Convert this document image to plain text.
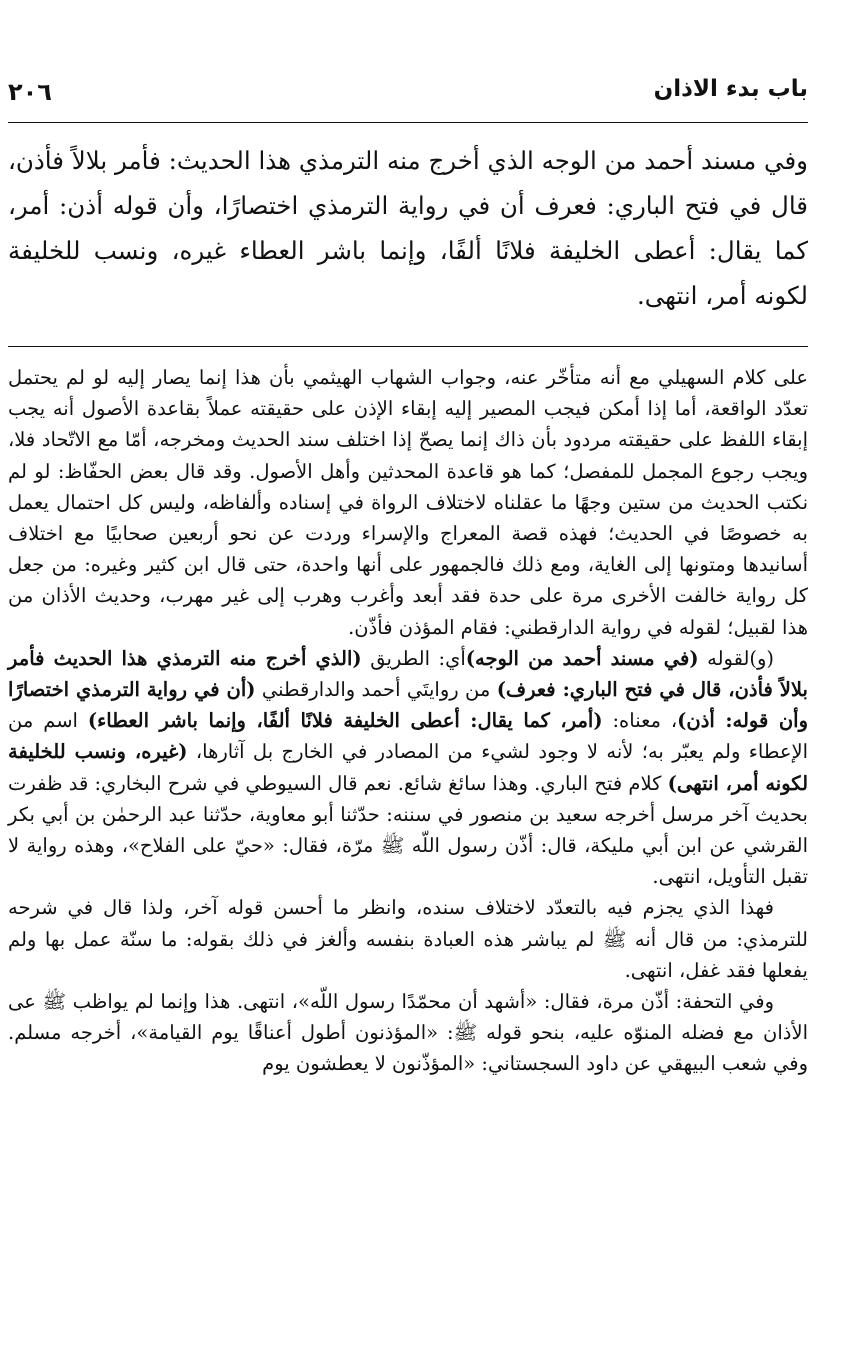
باب بدء الاذان
٢٠٦
وفي مسند أحمد من الوجه الذي أخرج منه الترمذي هذا الحديث: فأمر بلالاً فأذن، قال في فتح الباري: فعرف أن في رواية الترمذي اختصارًا، وأن قوله أذن: أمر، كما يقال: أعطى الخليفة فلانًا ألفًا، وإنما باشر العطاء غيره، ونسب للخليفة لكونه أمر، انتهى.

على كلام السهيلي مع أنه متأخّر عنه، وجواب الشهاب الهيثمي بأن هذا إنما يصار إليه لو لم يحتمل تعدّد الواقعة، أما إذا أمكن فيجب المصير إليه إبقاء الإذن على حقيقته عملاً بقاعدة الأصول أنه يجب إبقاء اللفظ على حقيقته مردود بأن ذاك إنما يصحّ إذا اختلف سند الحديث ومخرجه، أمّا مع الاتّحاد فلا، ويجب رجوع المجمل للمفصل؛ كما هو قاعدة المحدثين وأهل الأصول. وقد قال بعض الحفّاظ: لو لم نكتب الحديث من ستين وجهًا ما عقلناه لاختلاف الرواة في إسناده وألفاظه، وليس كل احتمال يعمل به خصوصًا في الحديث؛ فهذه قصة المعراج والإسراء وردت عن نحو أربعين صحابيًا مع اختلاف أسانيدها ومتونها إلى الغاية، ومع ذلك فالجمهور على أنها واحدة، حتى قال ابن كثير وغيره: من جعل كل رواية خالفت الأخرى مرة على حدة فقد أبعد وأغرب وهرب إلى غير مهرب، وحديث الأذان من هذا لقبيل؛ لقوله في رواية الدارقطني: فقام المؤذن فأذّن.

(و)لقوله (في مسند أحمد من الوجه)أي: الطريق (الذي أخرج منه الترمذي هذا الحديث فأمر بلالاً فأذن، قال في فتح الباري: فعرف) من روايتَي أحمد والدارقطني (أن في رواية الترمذي اختصارًا وأن قوله: أذن)، معناه: (أمر، كما يقال: أعطى الخليفة فلانًا ألفًا، وإنما باشر العطاء) اسم من الإعطاء ولم يعبّر به؛ لأنه لا وجود لشيء من المصادر في الخارج بل آثارها، (غيره، ونسب للخليفة لكونه أمر، انتهى) كلام فتح الباري. وهذا سائغ شائع. نعم قال السيوطي في شرح البخاري: قد ظفرت بحديث آخر مرسل أخرجه سعيد بن منصور في سننه: حدّثنا أبو معاوية، حدّثنا عبد الرحمٰن بن أبي بكر القرشي عن ابن أبي مليكة، قال: أذّن رسول اللّه ﷺ مرّة، فقال: «حيّ على الفلاح»، وهذه رواية لا تقبل التأويل، انتهى.

فهذا الذي يجزم فيه بالتعدّد لاختلاف سنده، وانظر ما أحسن قوله آخر، ولذا قال في شرحه للترمذي: من قال أنه ﷺ لم يباشر هذه العبادة بنفسه وألغز في ذلك بقوله: ما سنّة عمل بها ولم يفعلها فقد غفل، انتهى.

وفي التحفة: أذّن مرة، فقال: «أشهد أن محمّدًا رسول اللّه»، انتهى. هذا وإنما لم يواظب ﷺ عى الأذان مع فضله المنوّه عليه، بنحو قوله ﷺ: «المؤذنون أطول أعناقًا يوم القيامة»، أخرجه مسلم. وفي شعب البيهقي عن داود السجستاني: «المؤذّنون لا يعطشون يوم
